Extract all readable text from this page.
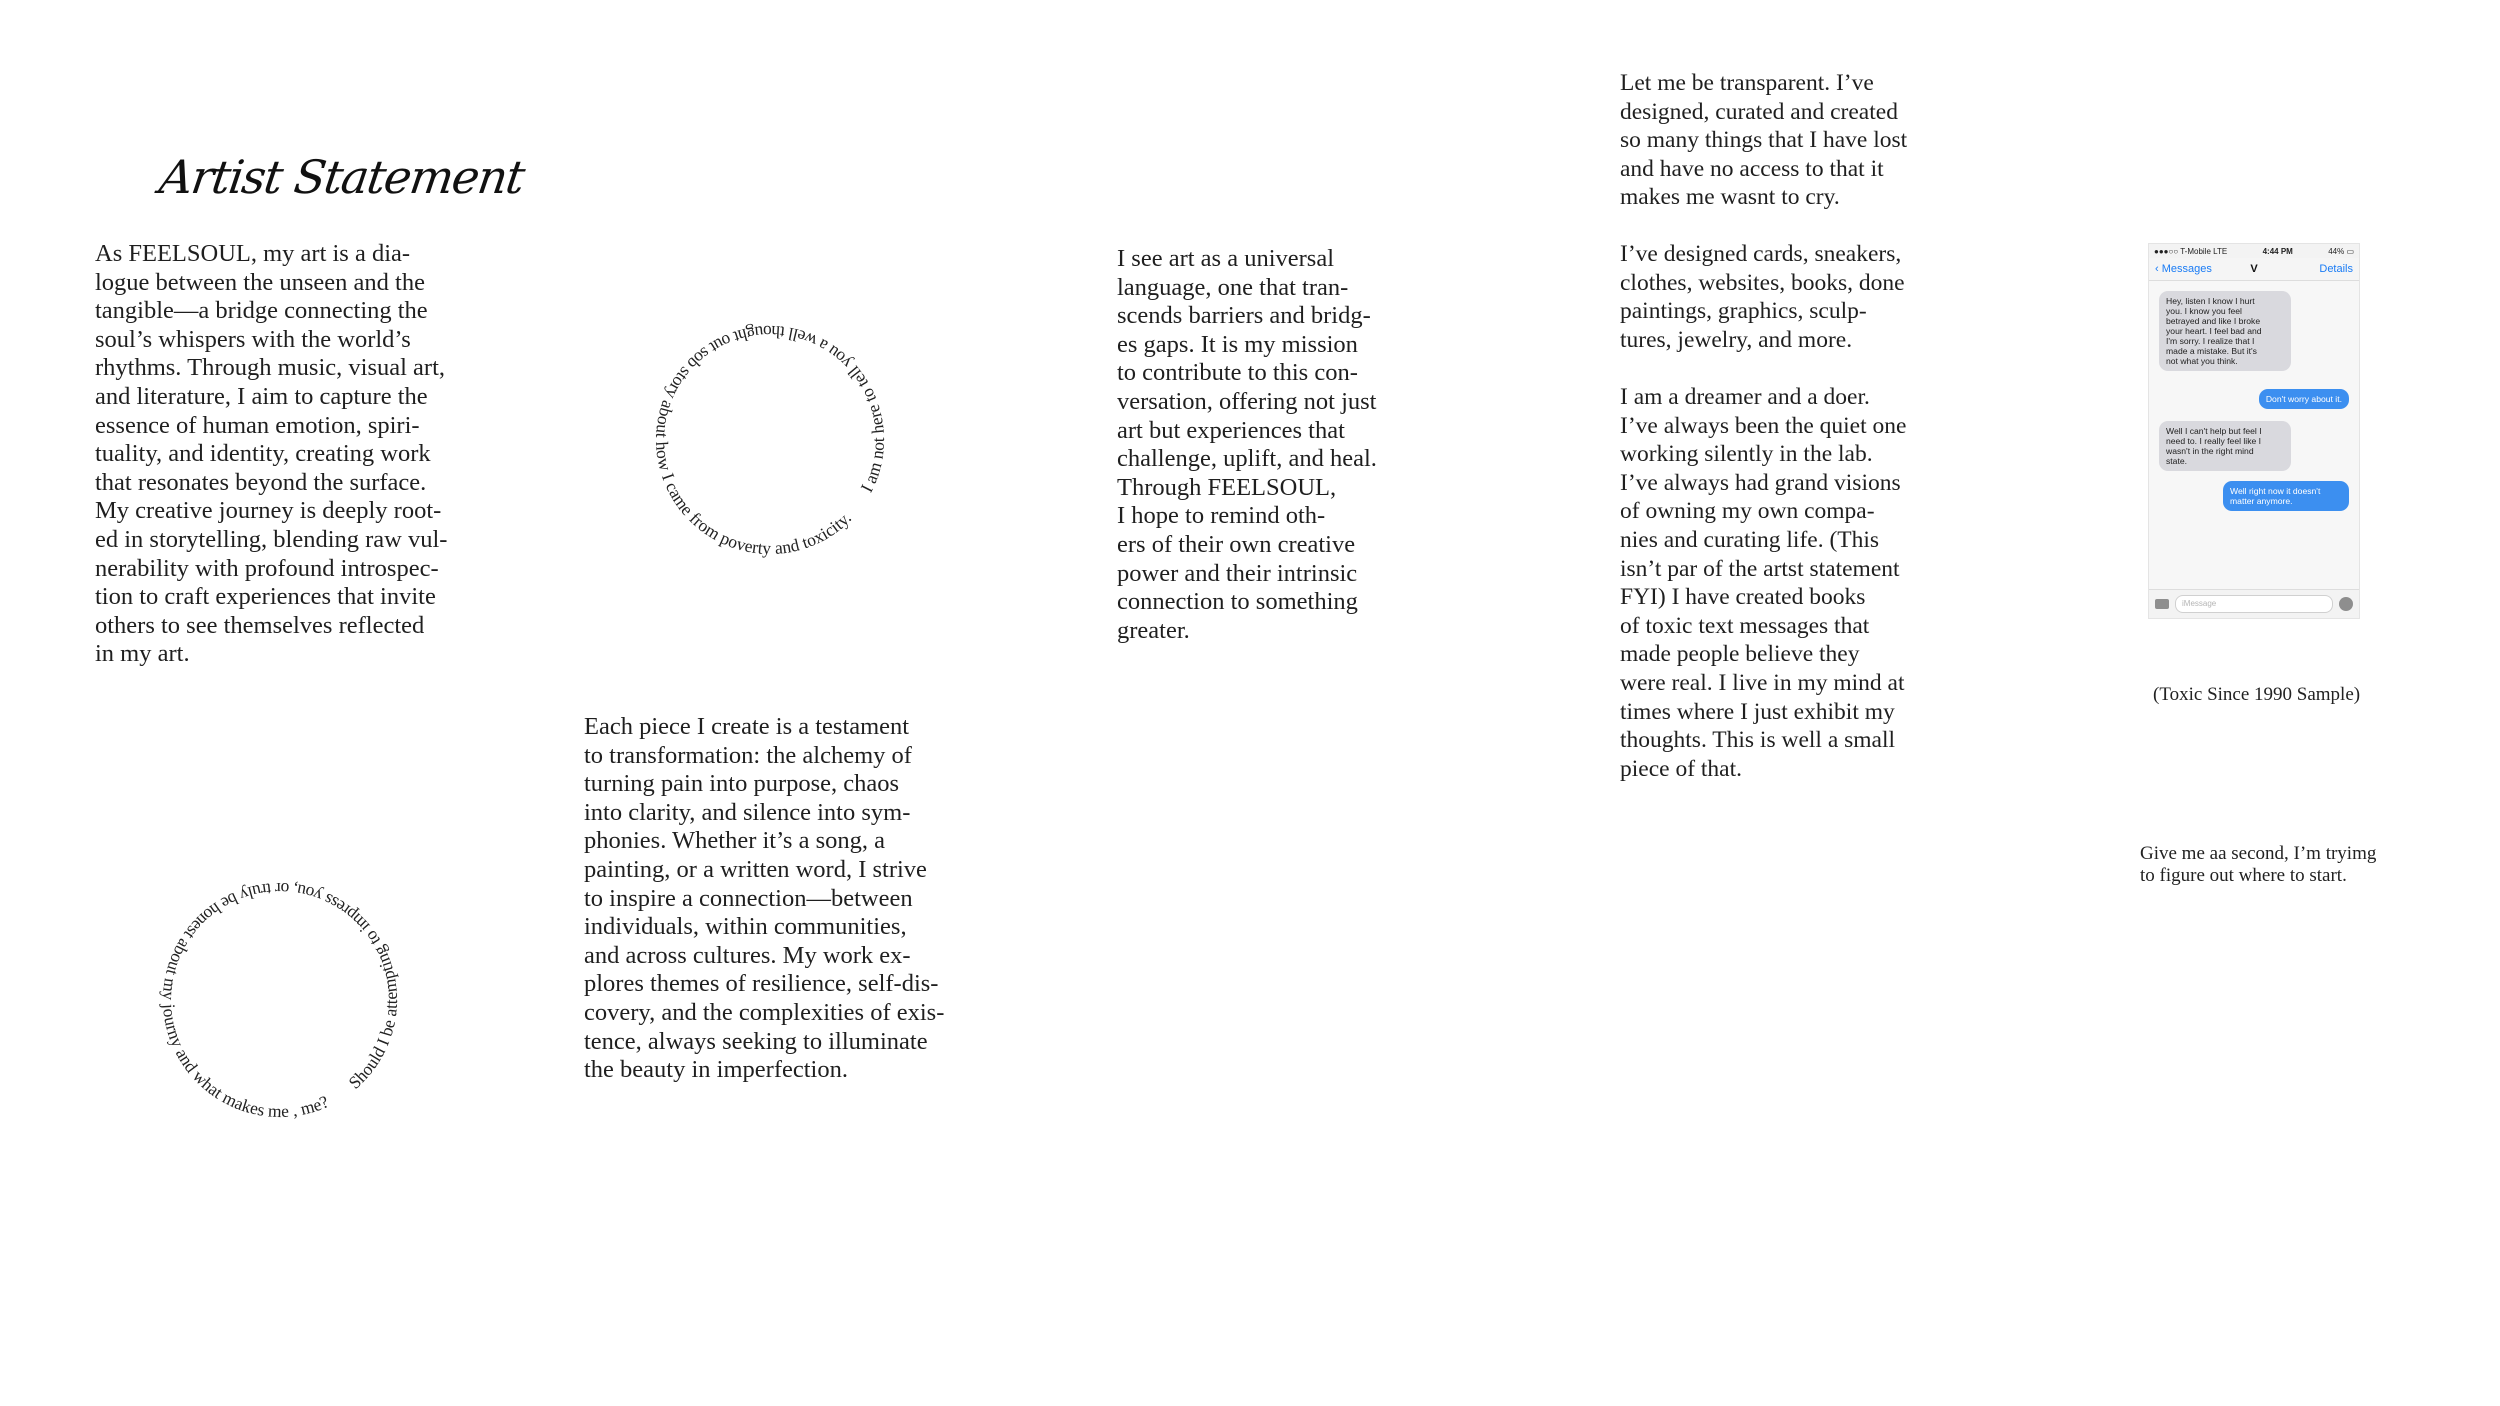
Artist Statement

As FEELSOUL, my art is a dia-
logue between the unseen and the
tangible—a bridge connecting the
soul’s whispers with the world’s
rhythms. Through music, visual art,
and literature, I aim to capture the
essence of human emotion, spiri-
tuality, and identity, creating work
that resonates beyond the surface.
My creative journey is deeply root-
ed in storytelling, blending raw vul-
nerability with profound introspec-
tion to craft experiences that invite
others to see themselves reflected
in my art.

I am not here to tell you a well thought out sob story about how I came from poverty and toxicity.
Should I be attempting to impress you, or truly be honest about my journy and what makes me , me?

Each piece I create is a testament
to transformation: the alchemy of
turning pain into purpose, chaos
into clarity, and silence into sym-
phonies. Whether it’s a song, a
painting, or a written word, I strive
to inspire a connection—between
individuals, within communities,
and across cultures. My work ex-
plores themes of resilience, self-dis-
covery, and the complexities of exis-
tence, always seeking to illuminate
the beauty in imperfection.

I see art as a universal
language, one that tran-
scends barriers and bridg-
es gaps. It is my mission
to contribute to this con-
versation, offering not just
art but experiences that
challenge, uplift, and heal.
Through FEELSOUL,
I hope to remind oth-
ers of their own creative
power and their intrinsic
connection to something
greater.

Let me be transparent. I’ve
designed, curated and created
so many things that I have lost
and have no access to that it
makes me wasnt to cry.

I’ve designed cards, sneakers,
clothes, websites, books, done
paintings, graphics, sculp-
tures, jewelry, and more.

I am a dreamer and a doer.
I’ve always been the quiet one
working silently in the lab.
I’ve always had grand visions
of owning my own compa-
nies and curating life. (This
isn’t par of the artst statement
FYI) I have created books
of toxic text messages that
made people believe they
were real. I live in my mind at
times where I just exhibit my
thoughts. This is well a small
piece of that.

●●●○○ T-Mobile LTE	4:44 PM	44% ▭
‹ Messages	V	Details
Hey, listen I know I hurt
you. I know you feel
betrayed and like I broke
your heart. I feel bad and
I'm sorry. I realize that I
made a mistake. But it's
not what you think.
Don't worry about it.
Well I can't help but feel I
need to. I really feel like I
wasn't in the right mind
state.
Well right now it doesn't
matter anymore.
iMessage
(Toxic Since 1990 Sample)
Give me aa second, I’m tryimg
to figure out where to start.
